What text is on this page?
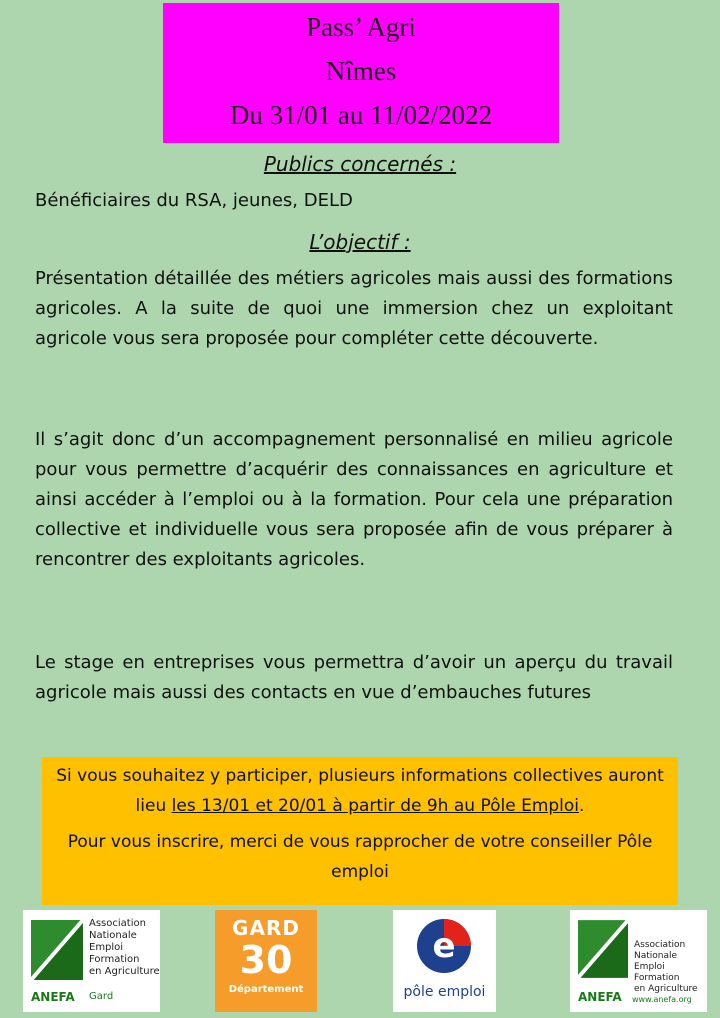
Pass’ Agri
Nîmes
Du 31/01 au 11/02/2022
Publics concernés :
Bénéficiaires du RSA, jeunes, DELD
L’objectif :
Présentation détaillée des métiers agricoles mais aussi des formations agricoles. A la suite de quoi une immersion chez un exploitant agricole vous sera proposée pour compléter cette découverte.
Il s’agit donc d’un accompagnement personnalisé en milieu agricole pour vous permettre d’acquérir des connaissances en agriculture et ainsi accéder à l’emploi ou à la formation. Pour cela une préparation collective et individuelle vous sera proposée afin de vous préparer à rencontrer des exploitants agricoles.
Le stage en entreprises vous permettra d’avoir un aperçu du travail agricole mais aussi des contacts en vue d’embauches futures

Si vous souhaitez y participer, plusieurs informations collectives auront lieu les 13/01 et 20/01 à partir de 9h au Pôle Emploi.

Pour vous inscrire, merci de vous rapprocher de votre conseiller Pôle emploi

Association
Nationale
Emploi
Formation
en Agriculture
ANEFA Gard
GARD
30
Département
e
pôle emploi
Association
Nationale
Emploi Formation
en Agriculture
ANEFA www.anefa.org
